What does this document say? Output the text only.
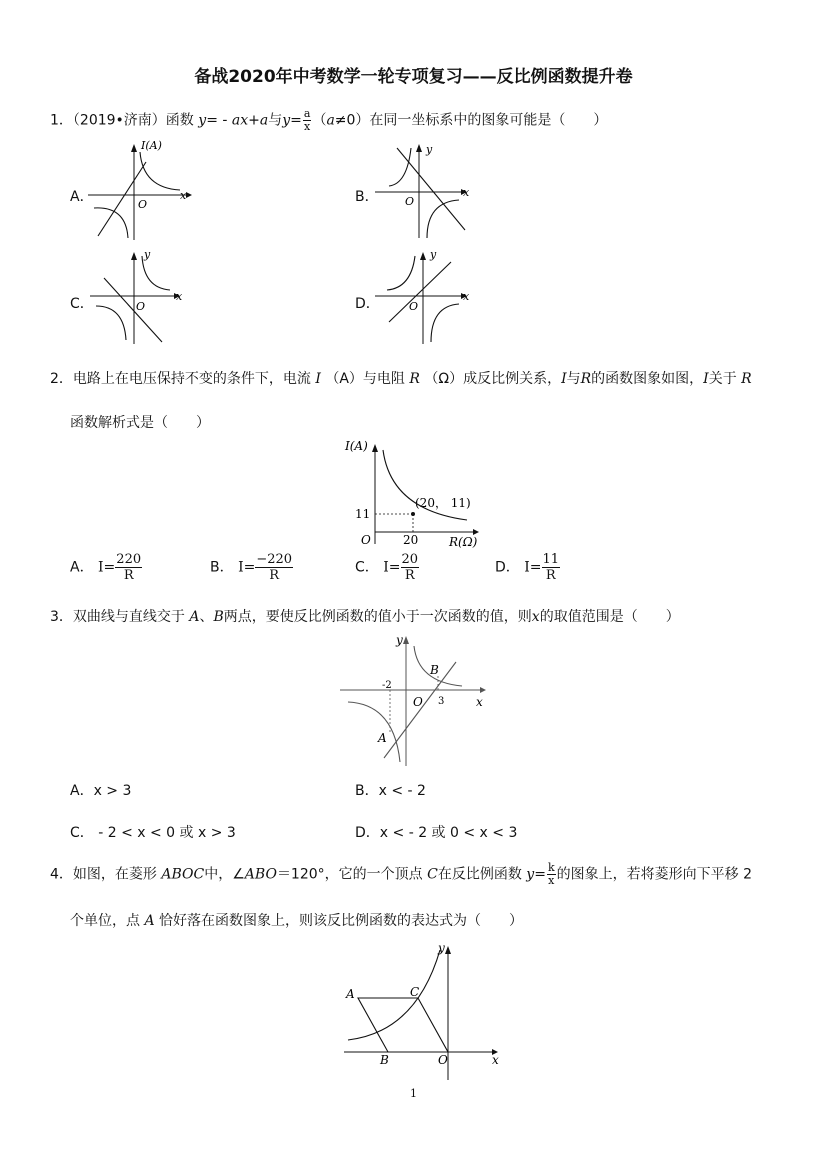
备战2020年中考数学一轮专项复习——反比例函数提升卷
1．（2019•济南）函数 y= - ax+a与$y= \frac{a}{x} (a\ne 0)$在同一坐标系中的图象可能是（　　）
A．	B．
C．	D．
I(A)
x
O
y
x
O
y
x
O
y
x
O
2．电路上在电压保持不变的条件下，电流 I （A）与电阻 R （Ω）成反比例关系，I与R的函数图象如图，I关于 R
函数解析式是（　　）
I(A)
R(Ω)
O
11
20
(20， 11)
A． $I= \frac{220}{R}$	B． $I= \frac{-220}{R}$	C． $I= \frac{20}{R}$	D． $I= \frac{11}{R}$
3．双曲线与直线交于 A、B两点，要使反比例函数的值小于一次函数的值，则x的取值范围是（　　）
y
x
O
-2
3
B
A
A．x > 3	B．x < - 2
C． - 2 < x < 0 或 x > 3	D．x < - 2 或 0 < x < 3
4．如图，在菱形 ABOC中，∠ABO＝120°，它的一个顶点 C在反比例函数 $y= \frac{k}{x}$ 的图象上，若将菱形向下平移 2
个单位，点 A 恰好落在函数图象上，则该反比例函数的表达式为（　　）
y
x
A	C
B	O
1
